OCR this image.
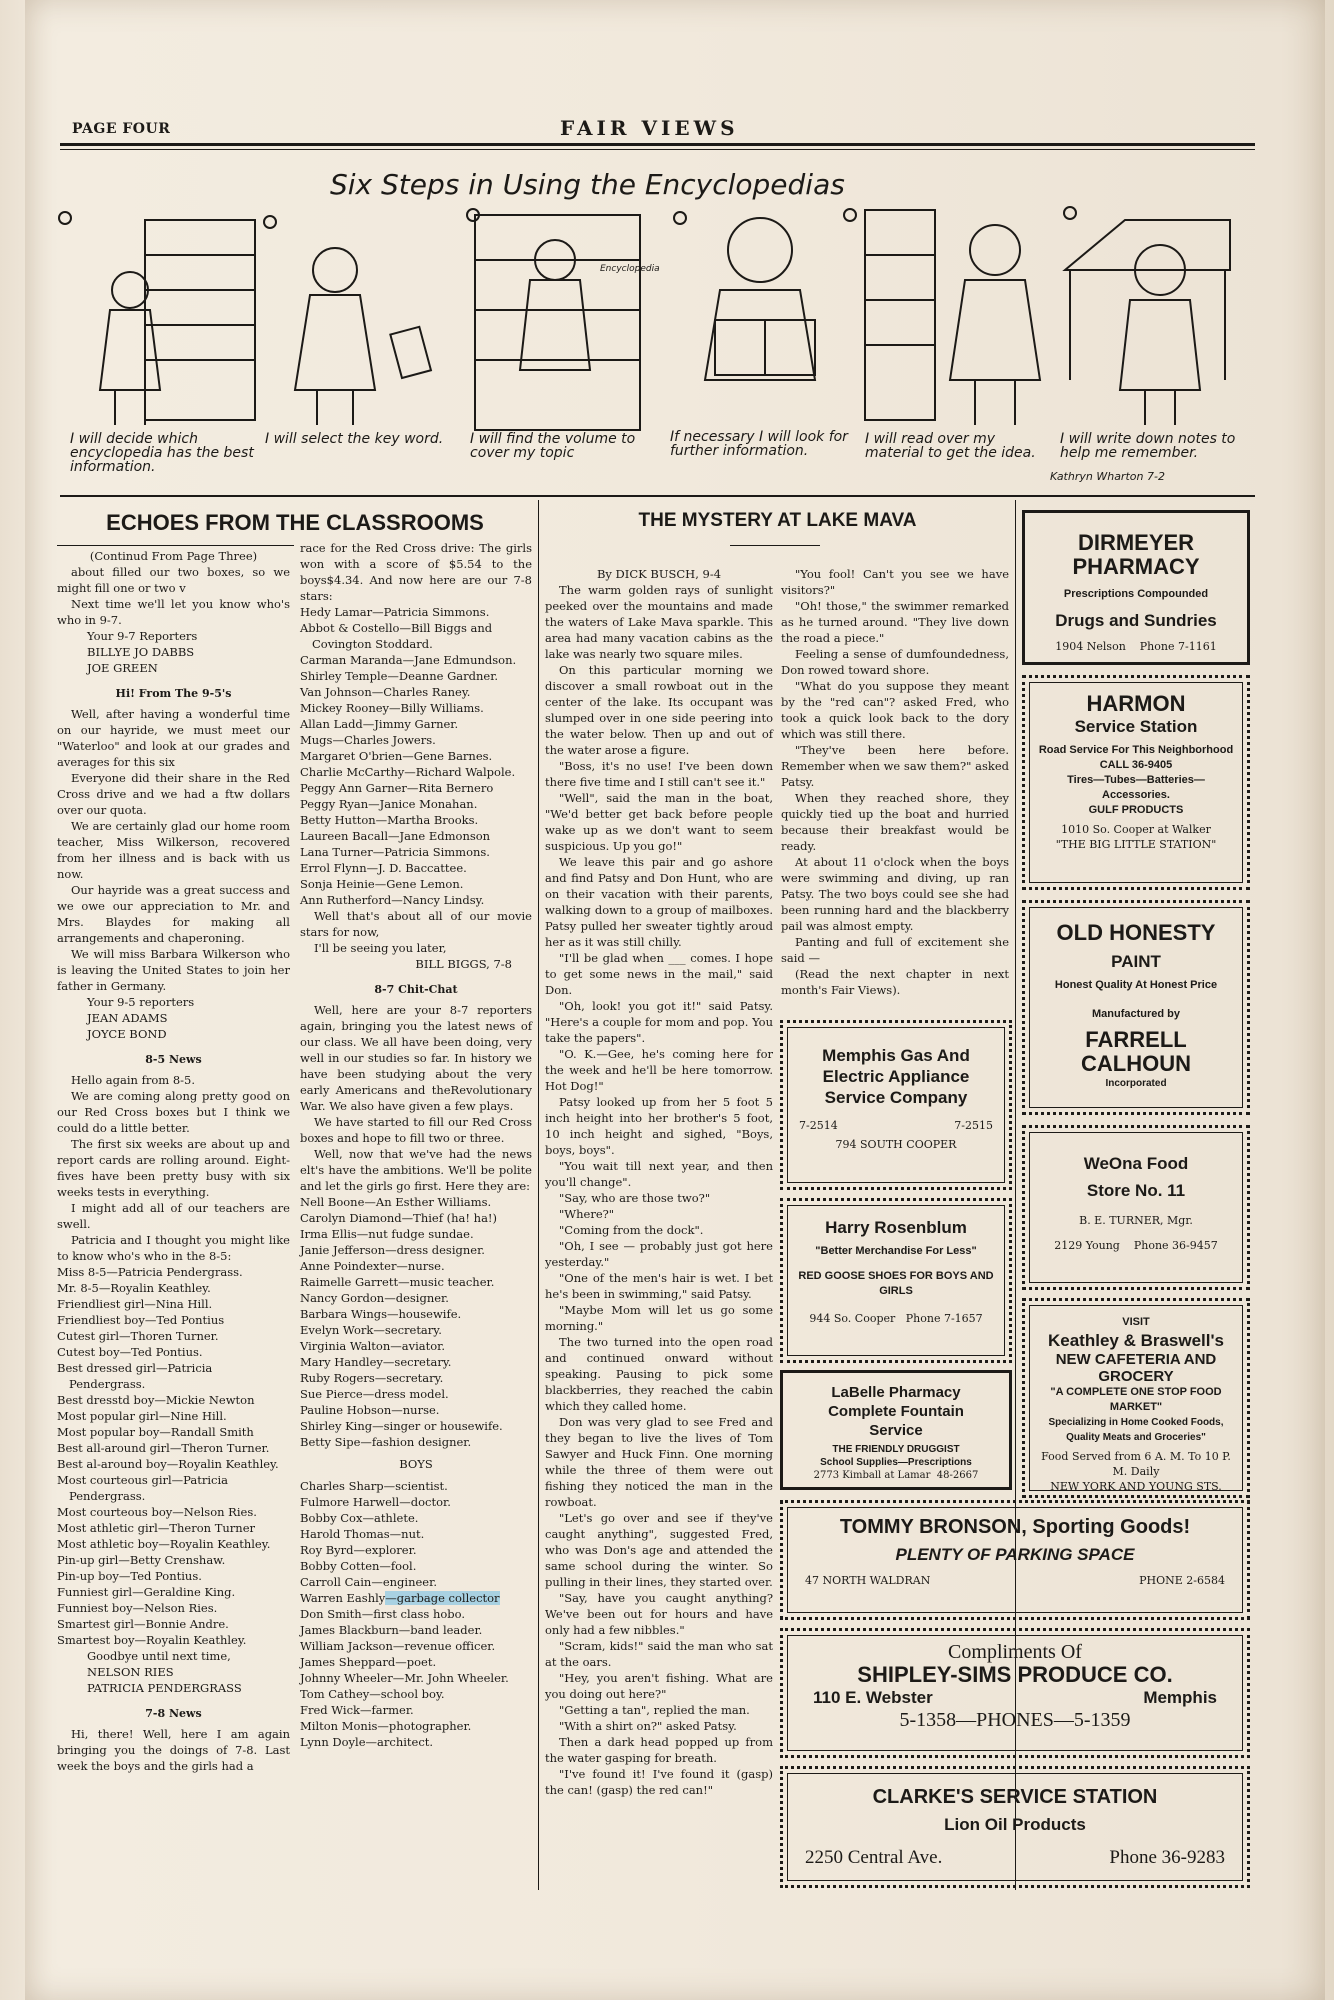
PAGE FOUR	FAIR VIEWS
Six Steps in Using the Encyclopedias
Encyclopedia
I will decide which encyclopedia has the best information.
I will select the key word.	I will find the volume to cover my topic
If necessary I will look for further information.
I will read over my material to get the idea.
I will write down notes to help me remember.
Kathryn Wharton 7-2
ECHOES FROM THE CLASSROOMS

(Continud From Page Three)

about filled our two boxes, so we might fill one or two v

Next time we'll let you know who's who in 9-7.

Your 9-7 Reporters

BILLYE JO DABBS

JOE GREEN

Hi! From The 9-5's

Well, after having a wonderful time on our hayride, we must meet our "Waterloo" and look at our grades and averages for this six

Everyone did their share in the Red Cross drive and we had a ftw dollars over our quota.

We are certainly glad our home room teacher, Miss Wilkerson, recovered from her illness and is back with us now.

Our hayride was a great success and we owe our appreciation to Mr. and Mrs. Blaydes for making all arrangements and chaperoning.

We will miss Barbara Wilkerson who is leaving the United States to join her father in Germany.

Your 9-5 reporters

JEAN ADAMS

JOYCE BOND

8-5 News

Hello again from 8-5.

We are coming along pretty good on our Red Cross boxes but I think we could do a little better.

The first six weeks are about up and report cards are rolling around. Eight-fives have been pretty busy with six weeks tests in everything.

I might add all of our teachers are swell.

Patricia and I thought you might like to know who's who in the 8-5:

Miss 8-5—Patricia Pendergrass.

Mr. 8-5—Royalin Keathley.

Friendliest girl—Nina Hill.

Friendliest boy—Ted Pontius

Cutest girl—Thoren Turner.

Cutest boy—Ted Pontius.

Best dressed girl—Patricia Pendergrass.

Best dresstd boy—Mickie Newton

Most popular girl—Nine Hill.

Most popular boy—Randall Smith

Best all-around girl—Theron Turner.

Best al-around boy—Royalin Keathley.

Most courteous girl—Patricia Pendergrass.

Most courteous boy—Nelson Ries.

Most athletic girl—Theron Turner

Most athletic boy—Royalin Keathley.

Pin-up girl—Betty Crenshaw.

Pin-up boy—Ted Pontius.

Funniest girl—Geraldine King.

Funniest boy—Nelson Ries.

Smartest girl—Bonnie Andre.

Smartest boy—Royalin Keathley.

Goodbye until next time,

NELSON RIES

PATRICIA PENDERGRASS

7-8 News

Hi, there! Well, here I am again bringing you the doings of 7-8. Last week the boys and the girls had a

race for the Red Cross drive: The girls won with a score of $5.54 to the boys$4.34. And now here are our 7-8 stars:

Hedy Lamar—Patricia Simmons.

Abbot & Costello—Bill Biggs and Covington Stoddard.

Carman Maranda—Jane Edmundson.

Shirley Temple—Deanne Gardner.

Van Johnson—Charles Raney.

Mickey Rooney—Billy Williams.

Allan Ladd—Jimmy Garner.

Mugs—Charles Jowers.

Margaret O'brien—Gene Barnes.

Charlie McCarthy—Richard Walpole.

Peggy Ann Garner—Rita Bernero

Peggy Ryan—Janice Monahan.

Betty Hutton—Martha Brooks.

Laureen Bacall—Jane Edmonson

Lana Turner—Patricia Simmons.

Errol Flynn—J. D. Baccattee.

Sonja Heinie—Gene Lemon.

Ann Rutherford—Nancy Lindsy.

Well that's about all of our movie stars for now,

I'll be seeing you later,

BILL BIGGS, 7-8

8-7 Chit-Chat

Well, here are your 8-7 reporters again, bringing you the latest news of our class. We all have been doing, very well in our studies so far. In history we have been studying about the very early Americans and theRevolutionary War. We also have given a few plays.

We have started to fill our Red Cross boxes and hope to fill two or three.

Well, now that we've had the news elt's have the ambitions. We'll be polite and let the girls go first. Here they are:

Nell Boone—An Esther Williams.

Carolyn Diamond—Thief (ha! ha!)

Irma Ellis—nut fudge sundae.

Janie Jefferson—dress designer.

Anne Poindexter—nurse.

Raimelle Garrett—music teacher.

Nancy Gordon—designer.

Barbara Wings—housewife.

Evelyn Work—secretary.

Virginia Walton—aviator.

Mary Handley—secretary.

Ruby Rogers—secretary.

Sue Pierce—dress model.

Pauline Hobson—nurse.

Shirley King—singer or housewife.

Betty Sipe—fashion designer.

BOYS

Charles Sharp—scientist.

Fulmore Harwell—doctor.

Bobby Cox—athlete.

Harold Thomas—nut.

Roy Byrd—explorer.

Bobby Cotten—fool.

Carroll Cain—engineer.

Warren Eashly—garbage collector

Don Smith—first class hobo.

James Blackburn—band leader.

William Jackson—revenue officer.

James Sheppard—poet.

Johnny Wheeler—Mr. John Wheeler.

Tom Cathey—school boy.

Fred Wick—farmer.

Milton Monis—photographer.

Lynn Doyle—architect.

THE MYSTERY AT LAKE MAVA

By DICK BUSCH, 9-4

The warm golden rays of sunlight peeked over the mountains and made the waters of Lake Mava sparkle. This area had many vacation cabins as the lake was nearly two square miles.

On this particular morning we discover a small rowboat out in the center of the lake. Its occupant was slumped over in one side peering into the water below. Then up and out of the water arose a figure.

"Boss, it's no use! I've been down there five time and I still can't see it."

"Well", said the man in the boat, "We'd better get back before people wake up as we don't want to seem suspicious. Up you go!"

We leave this pair and go ashore and find Patsy and Don Hunt, who are on their vacation with their parents, walking down to a group of mailboxes. Patsy pulled her sweater tightly aroud her as it was still chilly.

"I'll be glad when ___ comes. I hope to get some news in the mail," said Don.

"Oh, look! you got it!" said Patsy. "Here's a couple for mom and pop. You take the papers".

"O. K.—Gee, he's coming here for the week and he'll be here tomorrow. Hot Dog!"

Patsy looked up from her 5 foot 5 inch height into her brother's 5 foot, 10 inch height and sighed, "Boys, boys, boys".

"You wait till next year, and then you'll change".

"Say, who are those two?"

"Where?"

"Coming from the dock".

"Oh, I see — probably just got here yesterday."

"One of the men's hair is wet. I bet he's been in swimming," said Patsy.

"Maybe Mom will let us go some morning."

The two turned into the open road and continued onward without speaking. Pausing to pick some blackberries, they reached the cabin which they called home.

Don was very glad to see Fred and they began to live the lives of Tom Sawyer and Huck Finn. One morning while the three of them were out fishing they noticed the man in the rowboat.

"Let's go over and see if they've caught anything", suggested Fred, who was Don's age and attended the same school during the winter. So pulling in their lines, they started over.

"Say, have you caught anything? We've been out for hours and have only had a few nibbles."

"Scram, kids!" said the man who sat at the oars.

"Hey, you aren't fishing. What are you doing out here?"

"Getting a tan", replied the man.

"With a shirt on?" asked Patsy.

Then a dark head popped up from the water gasping for breath.

"I've found it! I've found it (gasp) the can! (gasp) the red can!"

"You fool! Can't you see we have visitors?"

"Oh! those," the swimmer remarked as he turned around. "They live down the road a piece."

Feeling a sense of dumfoundedness, Don rowed toward shore.

"What do you suppose they meant by the "red can"? asked Fred, who took a quick look back to the dory which was still there.

"They've been here before. Remember when we saw them?" asked Patsy.

When they reached shore, they quickly tied up the boat and hurried because their breakfast would be ready.

At about 11 o'clock when the boys were swimming and diving, up ran Patsy. The two boys could see she had been running hard and the blackberry pail was almost empty.

Panting and full of excitement she said —

(Read the next chapter in next month's Fair Views).

DIRMEYER PHARMACY
Prescriptions Compounded
Drugs and Sundries
1904 Nelson Phone 7-1161
HARMON
Service Station
Road Service For This Neighborhood
CALL 36-9405
Tires—Tubes—Batteries— Accessories.
GULF PRODUCTS
1010 So. Cooper at Walker
"THE BIG LITTLE STATION"
OLD HONESTY
PAINT
Honest Quality At Honest Price
Manufactured by
FARRELL CALHOUN
Incorporated
WeOna Food
Store No. 11
B. E. TURNER, Mgr.
2129 Young Phone 36-9457
VISIT
Keathley & Braswell's
NEW CAFETERIA AND GROCERY
"A COMPLETE ONE STOP FOOD MARKET"
Specializing in Home Cooked Foods, Quality Meats and Groceries"
Food Served from 6 A. M. To 10 P. M. Daily
NEW YORK AND YOUNG STS.
Memphis Gas And
Electric Appliance
Service Company
7-2514	7-2515
794 SOUTH COOPER
Harry Rosenblum
"Better Merchandise For Less"
RED GOOSE SHOES FOR BOYS AND GIRLS
944 So. Cooper Phone 7-1657
LaBelle Pharmacy
Complete Fountain
Service
THE FRIENDLY DRUGGIST
School Supplies—Prescriptions
2773 Kimball at Lamar 48-2667
TOMMY BRONSON, Sporting Goods!
PLENTY OF PARKING SPACE
47 NORTH WALDRAN	PHONE 2-6584
Compliments Of
SHIPLEY-SIMS PRODUCE CO.
110 E. Webster	Memphis
5-1358—PHONES—5-1359
CLARKE'S SERVICE STATION
Lion Oil Products
2250 Central Ave.	Phone 36-9283
